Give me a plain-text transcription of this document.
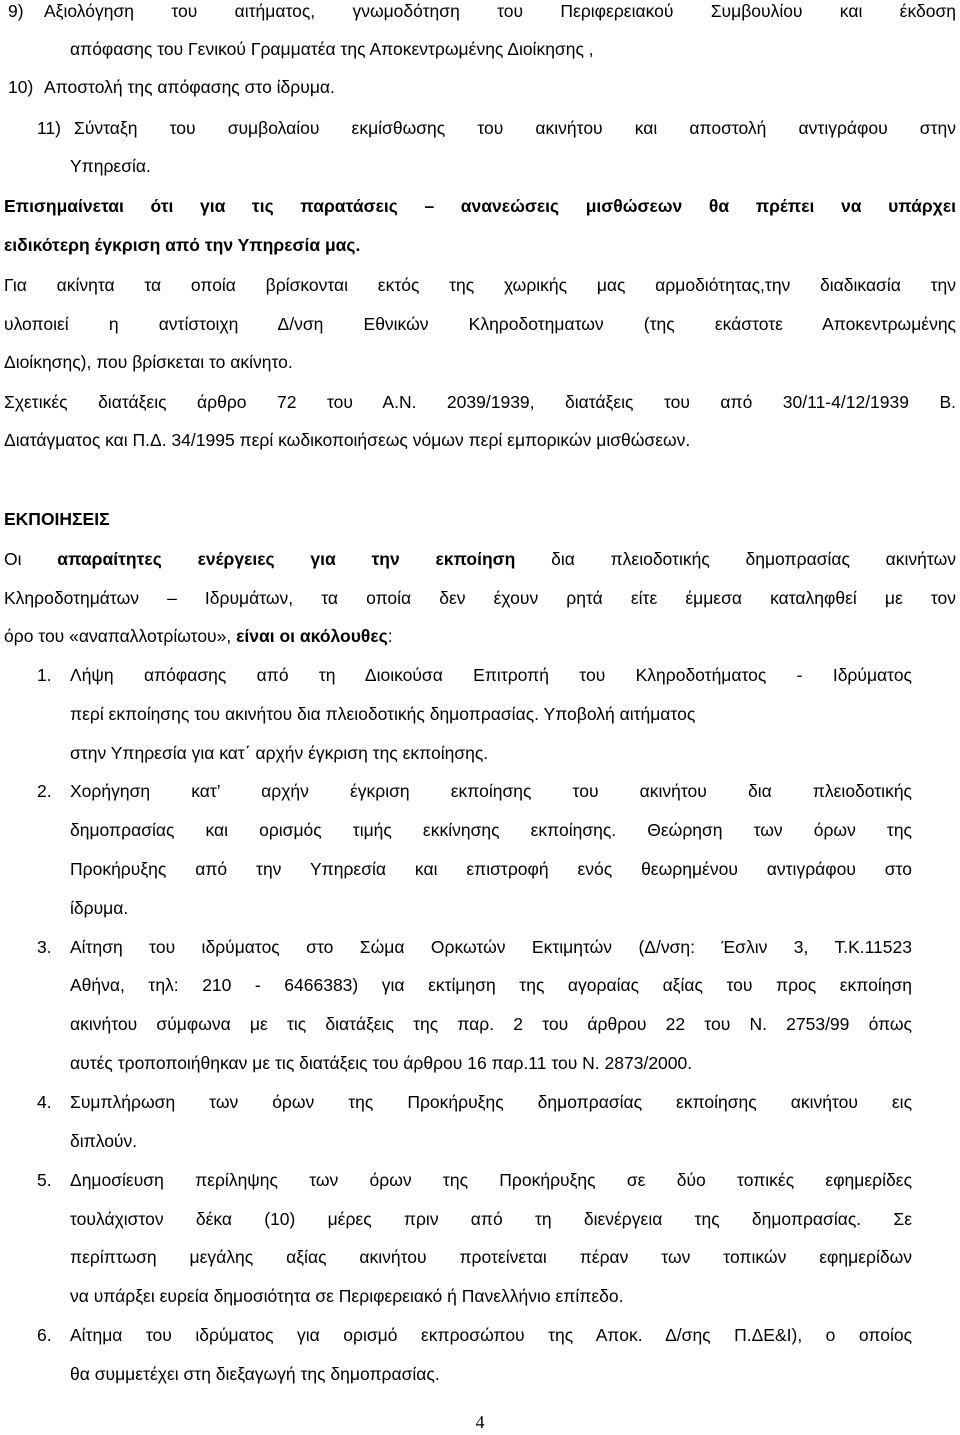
9) Αξιολόγηση του αιτήματος, γνωμοδότηση του Περιφερειακού Συμβουλίου και έκδοση
απόφασης του Γενικού Γραμματέα της Αποκεντρωμένης Διοίκησης ,
10) Αποστολή της απόφασης στο ίδρυμα.
11) Σύνταξη του συμβολαίου εκμίσθωσης του ακινήτου και αποστολή αντιγράφου στην
Υπηρεσία.
Επισημαίνεται ότι για τις παρατάσεις – ανανεώσεις μισθώσεων θα πρέπει να υπάρχει
ειδικότερη έγκριση από την Υπηρεσία μας.
Για ακίνητα τα οποία βρίσκονται εκτός της χωρικής μας αρμοδιότητας,την διαδικασία την
υλοποιεί η αντίστοιχη Δ/νση Εθνικών Κληροδοτηματων (της εκάστοτε Αποκεντρωμένης
Διοίκησης), που βρίσκεται το ακίνητο.
Σχετικές διατάξεις άρθρο 72 του Α.Ν. 2039/1939, διατάξεις του από 30/11-4/12/1939 Β.
Διατάγματος και Π.Δ. 34/1995 περί κωδικοποιήσεως νόμων περί εμπορικών μισθώσεων.
ΕΚΠΟΙΗΣΕΙΣ
Οι απαραίτητες ενέργειες για την εκποίηση δια πλειοδοτικής δημοπρασίας ακινήτων
Κληροδοτημάτων – Ιδρυμάτων, τα οποία δεν έχουν ρητά είτε έμμεσα καταληφθεί με τον
όρο του «αναπαλλοτρίωτου», είναι οι ακόλουθες:
1. Λήψη απόφασης από τη Διοικούσα Επιτροπή του Κληροδοτήματος - Ιδρύματος
περί εκποίησης του ακινήτου δια πλειοδοτικής δημοπρασίας. Υποβολή αιτήματος
στην Υπηρεσία για κατ΄ αρχήν έγκριση της εκποίησης.
2. Χορήγηση κατ’ αρχήν έγκριση εκποίησης του ακινήτου δια πλειοδοτικής
δημοπρασίας και ορισμός τιμής εκκίνησης εκποίησης. Θεώρηση των όρων της
Προκήρυξης από την Υπηρεσία και επιστροφή ενός θεωρημένου αντιγράφου στο
ίδρυμα.
3. Αίτηση του ιδρύματος στο Σώμα Ορκωτών Εκτιμητών (Δ/νση: Έσλιν 3, Τ.Κ.11523
Αθήνα, τηλ: 210 - 6466383) για εκτίμηση της αγοραίας αξίας του προς εκποίηση
ακινήτου σύμφωνα με τις διατάξεις της παρ. 2 του άρθρου 22 του Ν. 2753/99 όπως
αυτές τροποποιήθηκαν με τις διατάξεις του άρθρου 16 παρ.11 του Ν. 2873/2000.
4. Συμπλήρωση των όρων της Προκήρυξης δημοπρασίας εκποίησης ακινήτου εις
διπλούν.
5. Δημοσίευση περίληψης των όρων της Προκήρυξης σε δύο τοπικές εφημερίδες
τουλάχιστον δέκα (10) μέρες πριν από τη διενέργεια της δημοπρασίας. Σε
περίπτωση μεγάλης αξίας ακινήτου προτείνεται πέραν των τοπικών εφημερίδων
να υπάρξει ευρεία δημοσιότητα σε Περιφερειακό ή Πανελλήνιο επίπεδο.
6. Αίτημα του ιδρύματος για ορισμό εκπροσώπου της Αποκ. Δ/σης Π.ΔΕ&Ι), ο οποίος
θα συμμετέχει στη διεξαγωγή της δημοπρασίας.
4
